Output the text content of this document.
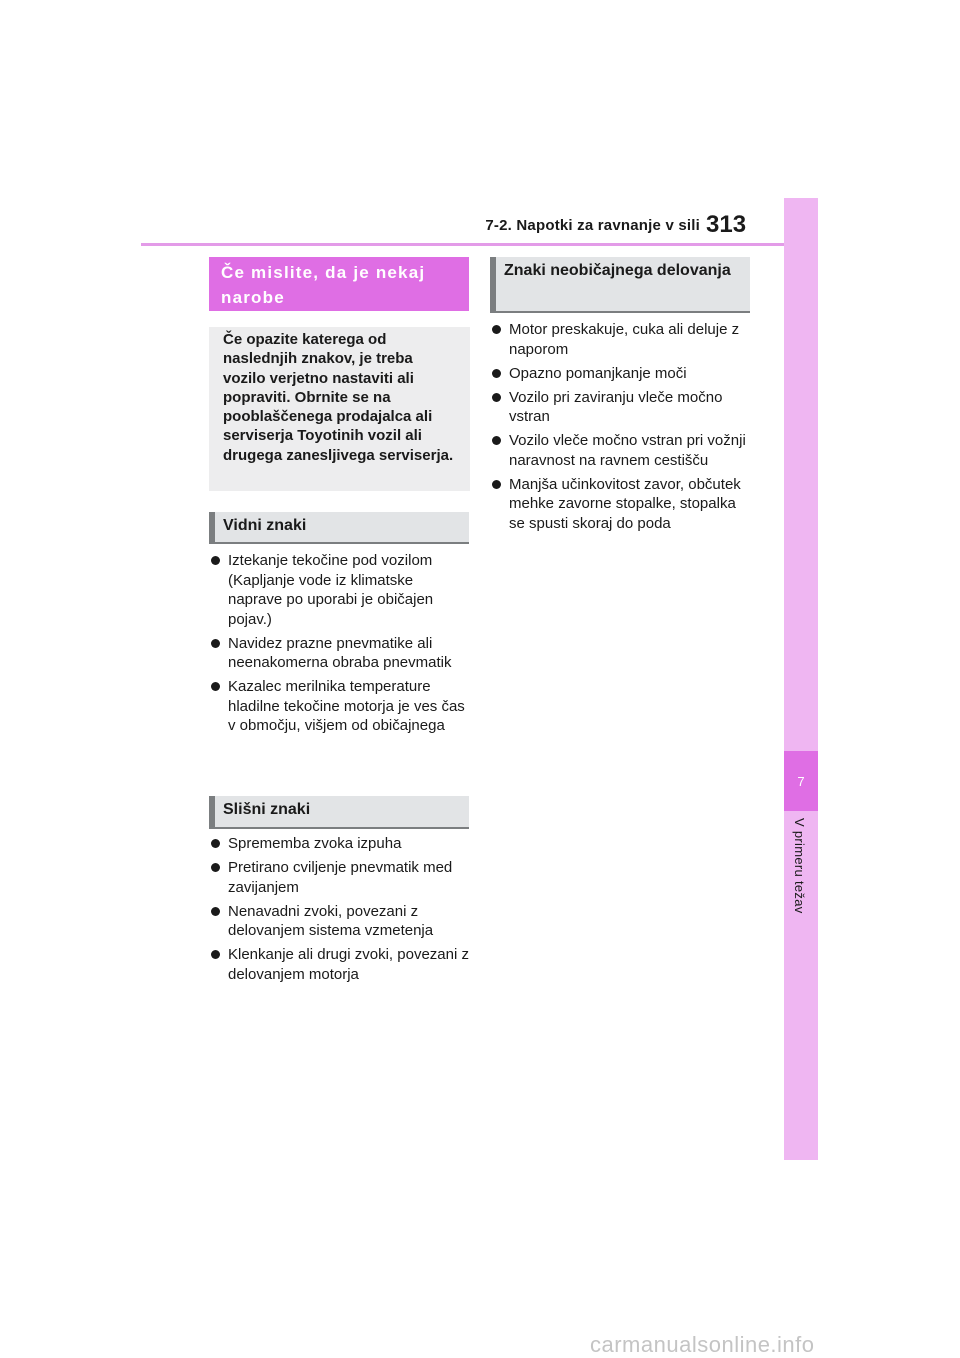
7-2. Napotki za ravnanje v sili 313
7
V primeru težav
Če mislite, da je nekaj narobe
Če opazite katerega od naslednjih znakov, je treba vozilo verjetno nastaviti ali popraviti. Obrnite se na pooblaščenega prodajalca ali serviserja Toyotinih vozil ali drugega zanesljivega serviserja.
Vidni znaki
Iztekanje tekočine pod vozilom (Kapljanje vode iz klimatske naprave po uporabi je običajen pojav.)
Navidez prazne pnevmatike ali neenakomerna obraba pnevmatik
Kazalec merilnika temperature hladilne tekočine motorja je ves čas v območju, višjem od običajnega
Slišni znaki
Sprememba zvoka izpuha
Pretirano cviljenje pnevmatik med zavijanjem
Nenavadni zvoki, povezani z delovanjem sistema vzmetenja
Klenkanje ali drugi zvoki, povezani z delovanjem motorja
Znaki neobičajnega delovanja
Motor preskakuje, cuka ali deluje z naporom
Opazno pomanjkanje moči
Vozilo pri zaviranju vleče močno vstran
Vozilo vleče močno vstran pri vožnji naravnost na ravnem cestišču
Manjša učinkovitost zavor, občutek mehke zavorne stopalke, stopalka se spusti skoraj do poda
carmanualsonline.info
